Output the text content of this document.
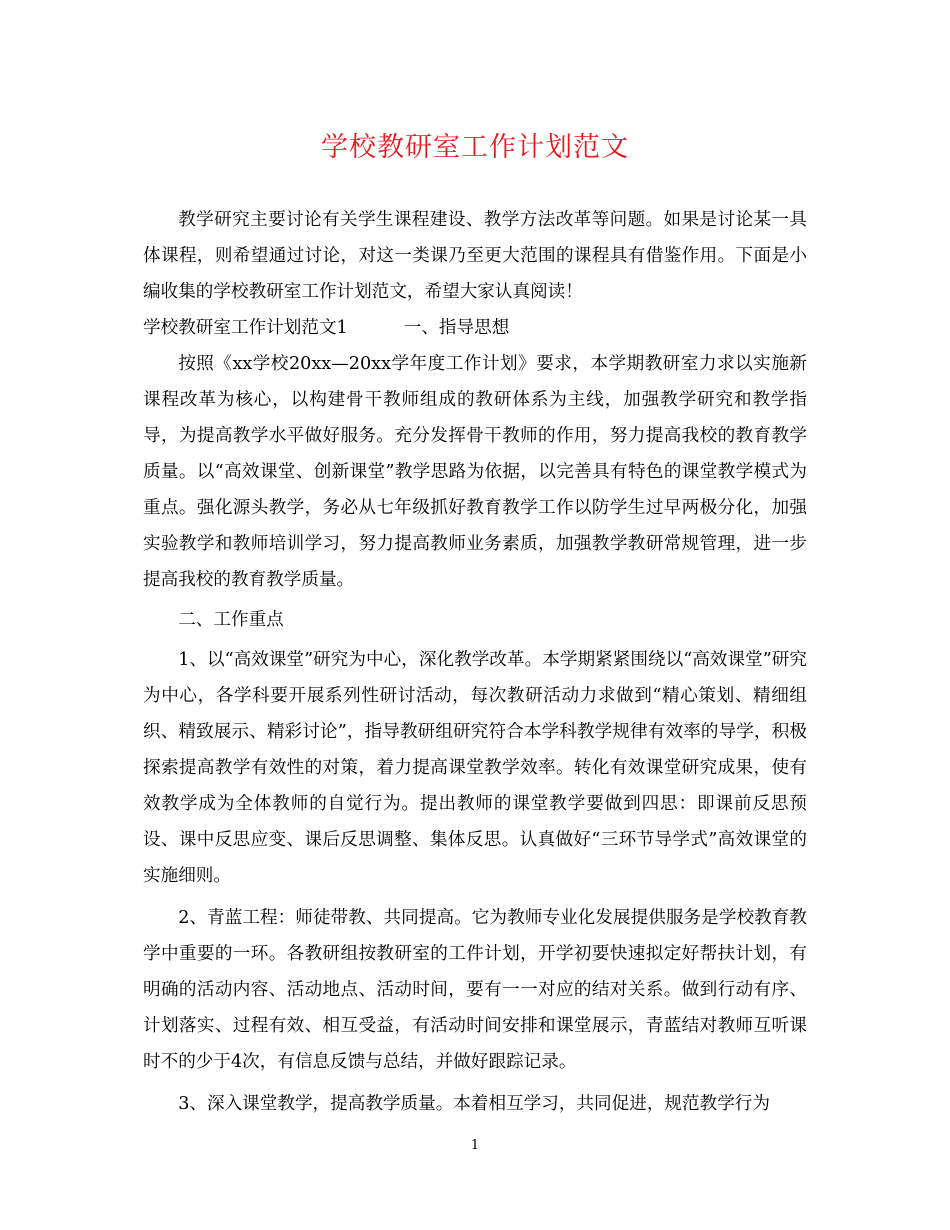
学校教研室工作计划范文

教学研究主要讨论有关学生课程建设、教学方法改革等问题。如果是讨论某一具体课程，则希望通过讨论，对这一类课乃至更大范围的课程具有借鉴作用。下面是小编收集的学校教研室工作计划范文，希望大家认真阅读！

学校教研室工作计划范文1	一、指导思想

按照《xx学校20xx—20xx学年度工作计划》要求，本学期教研室力求以实施新课程改革为核心，以构建骨干教师组成的教研体系为主线，加强教学研究和教学指导，为提高教学水平做好服务。充分发挥骨干教师的作用，努力提高我校的教育教学质量。以“高效课堂、创新课堂”教学思路为依据，以完善具有特色的课堂教学模式为重点。强化源头教学，务必从七年级抓好教育教学工作以防学生过早两极分化，加强实验教学和教师培训学习，努力提高教师业务素质，加强教学教研常规管理，进一步提高我校的教育教学质量。

二、工作重点

1、以“高效课堂”研究为中心，深化教学改革。本学期紧紧围绕以“高效课堂”研究为中心，各学科要开展系列性研讨活动，每次教研活动力求做到“精心策划、精细组织、精致展示、精彩讨论”，指导教研组研究符合本学科教学规律有效率的导学，积极探索提高教学有效性的对策，着力提高课堂教学效率。转化有效课堂研究成果，使有效教学成为全体教师的自觉行为。提出教师的课堂教学要做到四思：即课前反思预设、课中反思应变、课后反思调整、集体反思。认真做好“三环节导学式”高效课堂的实施细则。

2、青蓝工程：师徒带教、共同提高。它为教师专业化发展提供服务是学校教育教学中重要的一环。各教研组按教研室的工件计划，开学初要快速拟定好帮扶计划，有明确的活动内容、活动地点、活动时间，要有一一对应的结对关系。做到行动有序、计划落实、过程有效、相互受益，有活动时间安排和课堂展示，青蓝结对教师互听课时不的少于4次，有信息反馈与总结，并做好跟踪记录。

3、深入课堂教学，提高教学质量。本着相互学习，共同促进，规范教学行为

1
